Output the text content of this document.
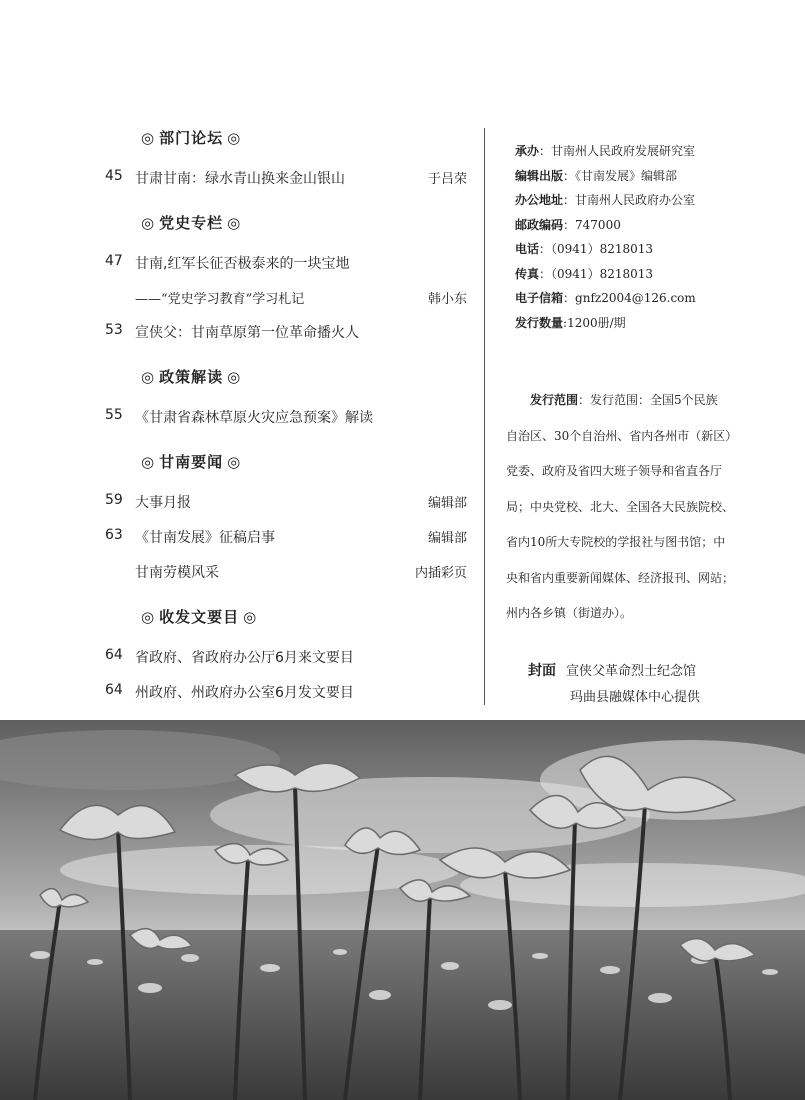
◎ 部门论坛 ◎
45 甘肃甘南：绿水青山换来金山银山	于吕荣
◎ 党史专栏 ◎
47 甘南,红军长征否极泰来的一块宝地
——“党史学习教育”学习札记	韩小东
53 宣侠父：甘南草原第一位革命播火人
◎ 政策解读 ◎
55 《甘肃省森林草原火灾应急预案》解读
◎ 甘南要闻 ◎
59 大事月报	编辑部
63 《甘南发展》征稿启事	编辑部
甘南劳模风采	内插彩页
◎ 收发文要目 ◎
64 省政府、省政府办公厅6月来文要目
64 州政府、州政府办公室6月发文要目
承办：甘南州人民政府发展研究室
编辑出版：《甘南发展》编辑部
办公地址：甘南州人民政府办公室
邮政编码：747000
电话：（0941）8218013
传真：（0941）8218013
电子信箱：gnfz2004@126.com
发行数量:1200册/期
发行范围：发行范围：全国5个民族
自治区、30个自治州、省内各州市（新区）
党委、政府及省四大班子领导和省直各厅
局；中央党校、北大、全国各大民族院校、
省内10所大专院校的学报社与图书馆；中
央和省内重要新闻媒体、经济报刊、网站；
州内各乡镇（街道办）。
封面 宣侠父革命烈士纪念馆
玛曲县融媒体中心提供
